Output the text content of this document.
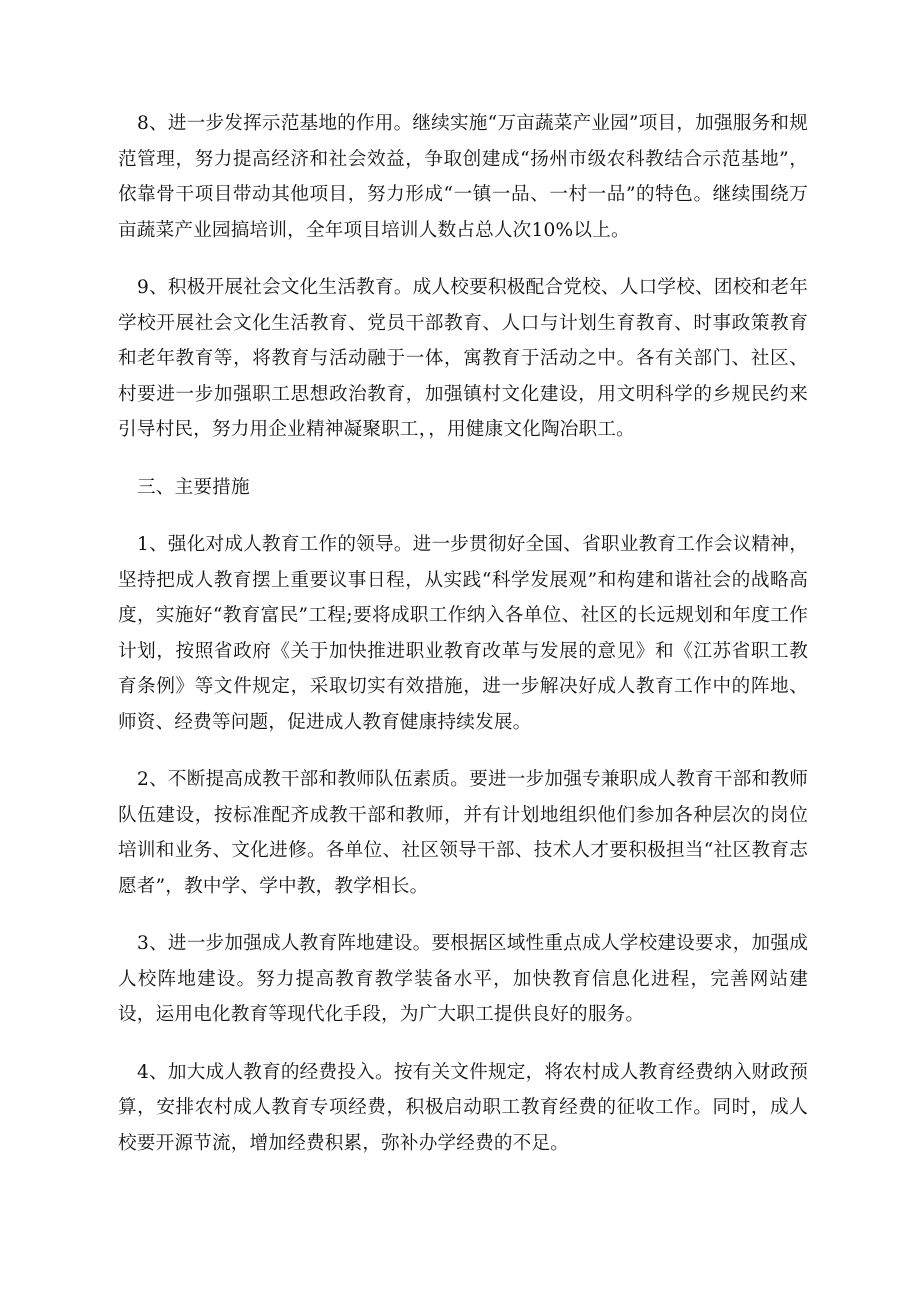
8、进一步发挥示范基地的作用。继续实施“万亩蔬菜产业园”项目，加强服务和规范管理，努力提高经济和社会效益，争取创建成“扬州市级农科教结合示范基地”，依靠骨干项目带动其他项目，努力形成“一镇一品、一村一品”的特色。继续围绕万亩蔬菜产业园搞培训，全年项目培训人数占总人次10%以上。

9、积极开展社会文化生活教育。成人校要积极配合党校、人口学校、团校和老年学校开展社会文化生活教育、党员干部教育、人口与计划生育教育、时事政策教育和老年教育等，将教育与活动融于一体，寓教育于活动之中。各有关部门、社区、村要进一步加强职工思想政治教育，加强镇村文化建设，用文明科学的乡规民约来引导村民，努力用企业精神凝聚职工，，用健康文化陶冶职工。

三、主要措施

1、强化对成人教育工作的领导。进一步贯彻好全国、省职业教育工作会议精神，坚持把成人教育摆上重要议事日程，从实践“科学发展观”和构建和谐社会的战略高度，实施好“教育富民”工程;要将成职工作纳入各单位、社区的长远规划和年度工作计划，按照省政府《关于加快推进职业教育改革与发展的意见》和《江苏省职工教育条例》等文件规定，采取切实有效措施，进一步解决好成人教育工作中的阵地、师资、经费等问题，促进成人教育健康持续发展。

2、不断提高成教干部和教师队伍素质。要进一步加强专兼职成人教育干部和教师队伍建设，按标准配齐成教干部和教师，并有计划地组织他们参加各种层次的岗位培训和业务、文化进修。各单位、社区领导干部、技术人才要积极担当“社区教育志愿者”，教中学、学中教，教学相长。

3、进一步加强成人教育阵地建设。要根据区域性重点成人学校建设要求，加强成人校阵地建设。努力提高教育教学装备水平，加快教育信息化进程，完善网站建设，运用电化教育等现代化手段，为广大职工提供良好的服务。

4、加大成人教育的经费投入。按有关文件规定，将农村成人教育经费纳入财政预算，安排农村成人教育专项经费，积极启动职工教育经费的征收工作。同时，成人校要开源节流，增加经费积累，弥补办学经费的不足。
